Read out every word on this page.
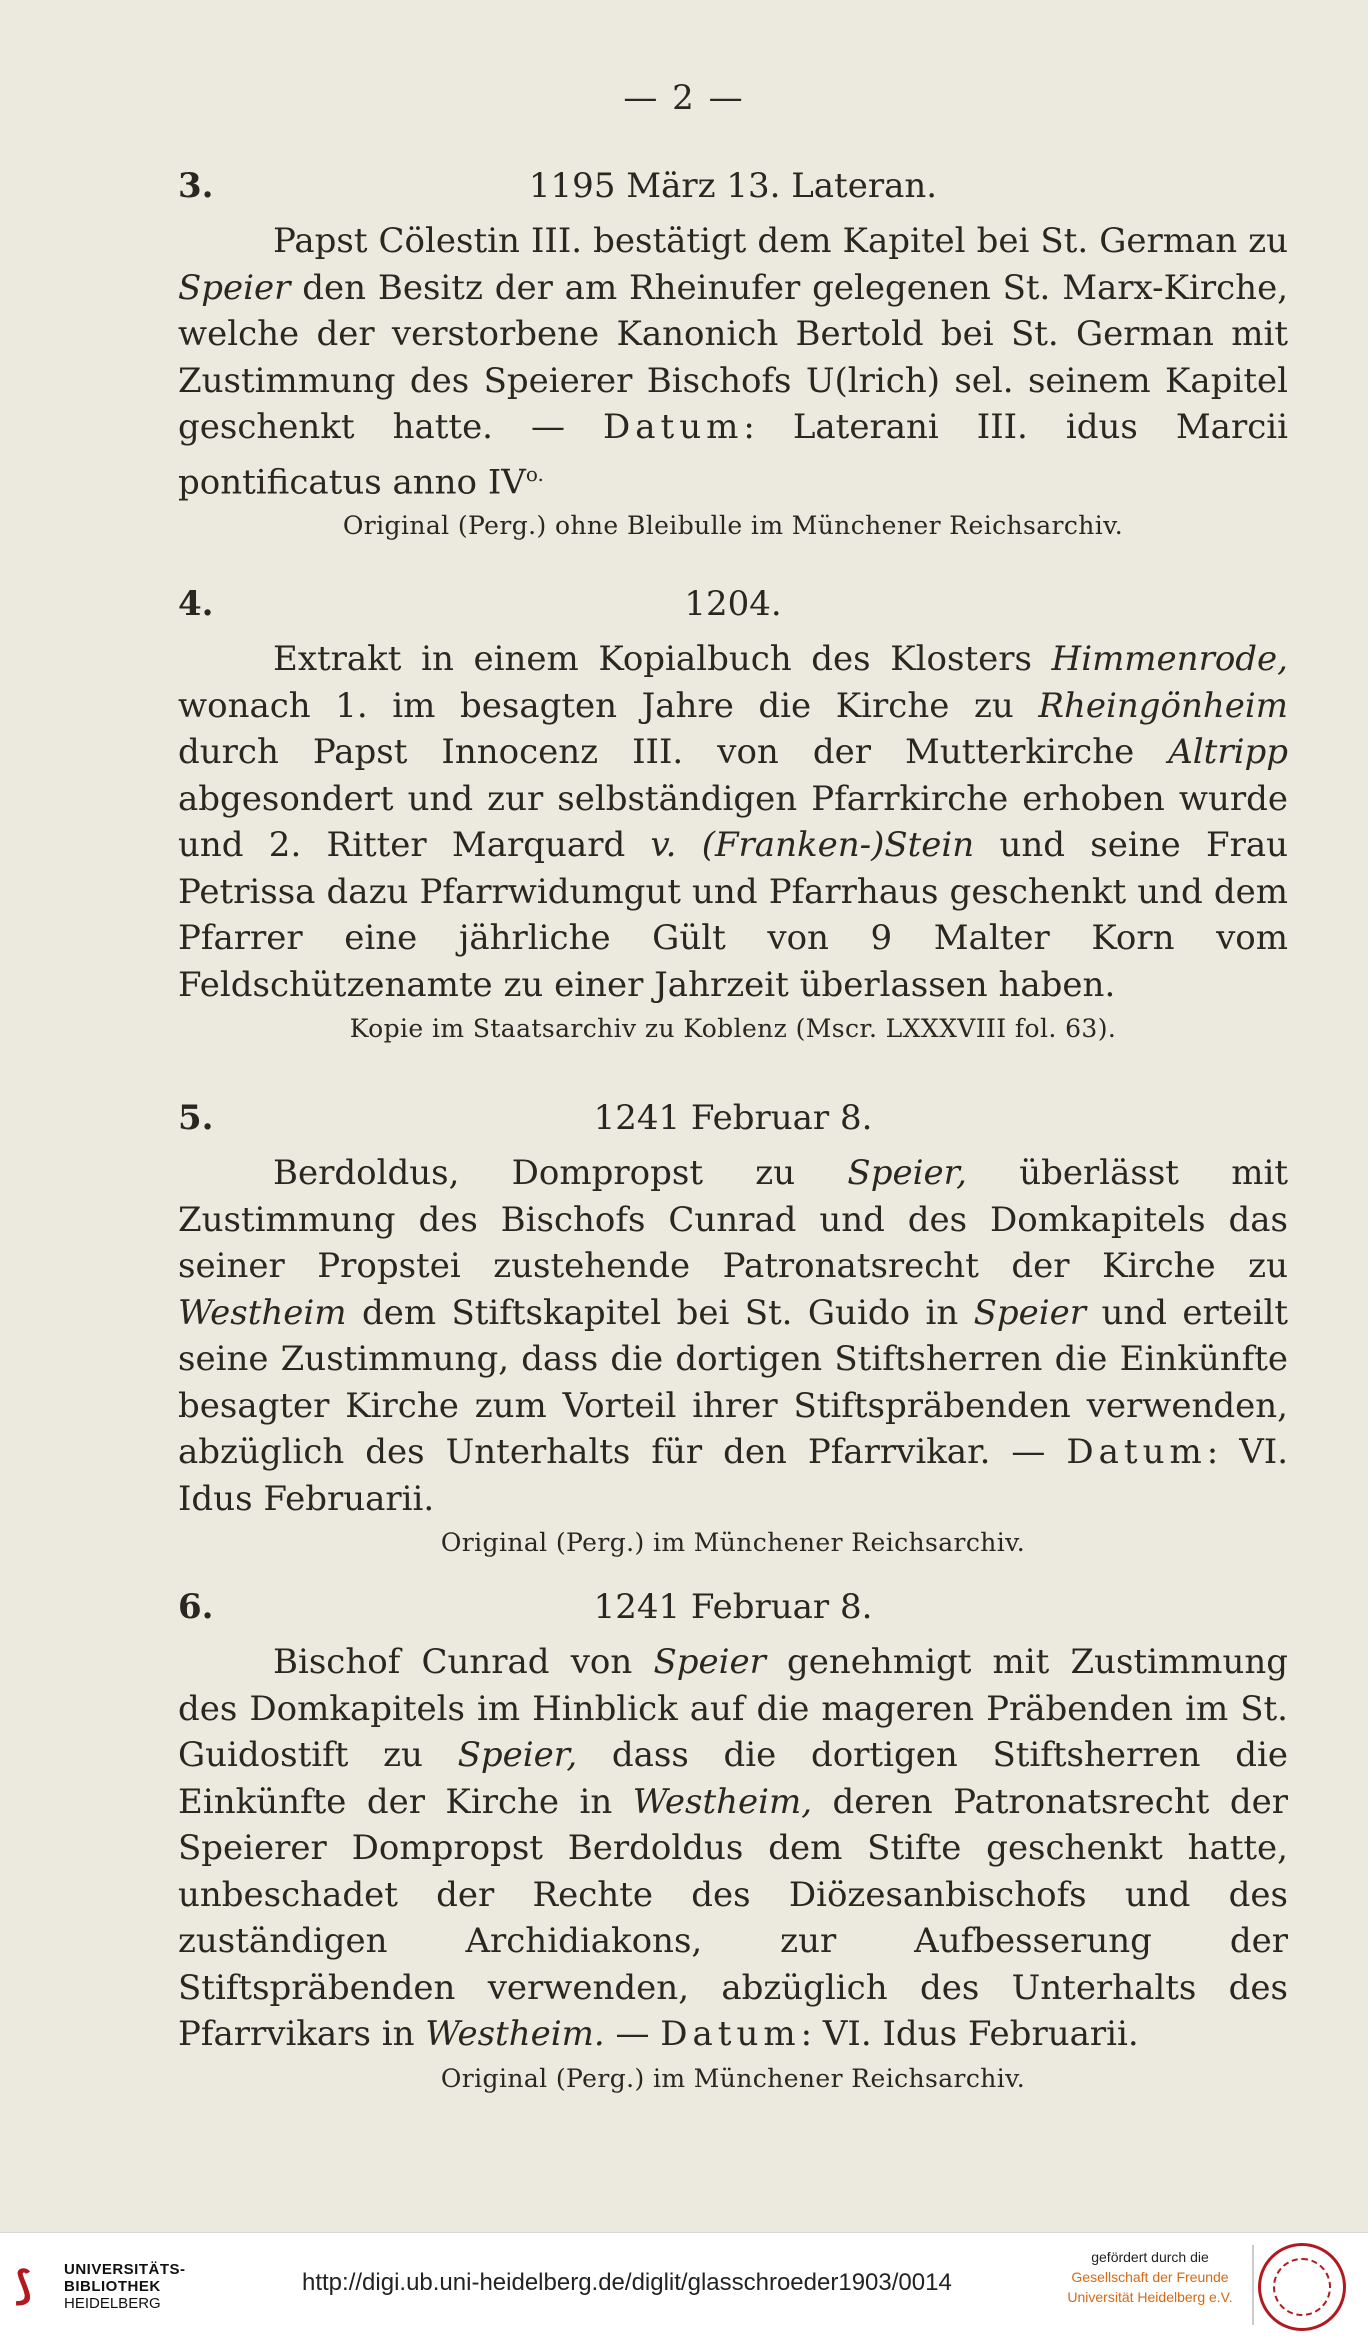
— 2 —
3.	1195 März 13. Lateran.
Papst Cölestin III. bestätigt dem Kapitel bei St. German zu Speier den Besitz der am Rheinufer gelegenen St. Marx-Kirche, welche der verstorbene Kanonich Bertold bei St. German mit Zustimmung des Speierer Bischofs U(lrich) sel. seinem Kapitel geschenkt hatte. — Datum: Laterani III. idus Marcii pontificatus anno $IV^{o.}$
Original (Perg.) ohne Bleibulle im Münchener Reichsarchiv.
4.	1204.
Extrakt in einem Kopialbuch des Klosters Himmenrode, wonach 1. im besagten Jahre die Kirche zu Rheingönheim durch Papst Innocenz III. von der Mutterkirche Altripp abgesondert und zur selbständigen Pfarrkirche erhoben wurde und 2. Ritter Marquard v. (Franken-)Stein und seine Frau Petrissa dazu Pfarrwidumgut und Pfarrhaus geschenkt und dem Pfarrer eine jährliche Gült von 9 Malter Korn vom Feldschützenamte zu einer Jahrzeit überlassen haben.
Kopie im Staatsarchiv zu Koblenz (Mscr. LXXXVIII fol. 63).
5.	1241 Februar 8.
Berdoldus, Dompropst zu Speier, überlässt mit Zustimmung des Bischofs Cunrad und des Domkapitels das seiner Propstei zustehende Patronatsrecht der Kirche zu Westheim dem Stiftskapitel bei St. Guido in Speier und erteilt seine Zustimmung, dass die dortigen Stiftsherren die Einkünfte besagter Kirche zum Vorteil ihrer Stiftspräbenden verwenden, abzüglich des Unterhalts für den Pfarrvikar. — Datum: VI. Idus Februarii.
Original (Perg.) im Münchener Reichsarchiv.
6.	1241 Februar 8.
Bischof Cunrad von Speier genehmigt mit Zustimmung des Domkapitels im Hinblick auf die mageren Präbenden im St. Guidostift zu Speier, dass die dortigen Stiftsherren die Einkünfte der Kirche in Westheim, deren Patronatsrecht der Speierer Dompropst Berdoldus dem Stifte geschenkt hatte, unbeschadet der Rechte des Diözesanbischofs und des zuständigen Archidiakons, zur Aufbesserung der Stiftspräbenden verwenden, abzüglich des Unterhalts des Pfarrvikars in Westheim. — Datum: VI. Idus Februarii.
Original (Perg.) im Münchener Reichsarchiv.
⟆	UNIVERSITÄTS-
BIBLIOTHEK
HEIDELBERG
http://digi.ub.uni-heidelberg.de/diglit/glasschroeder1903/0014
gefördert durch die
Gesellschaft der Freunde
Universität Heidelberg e.V.
